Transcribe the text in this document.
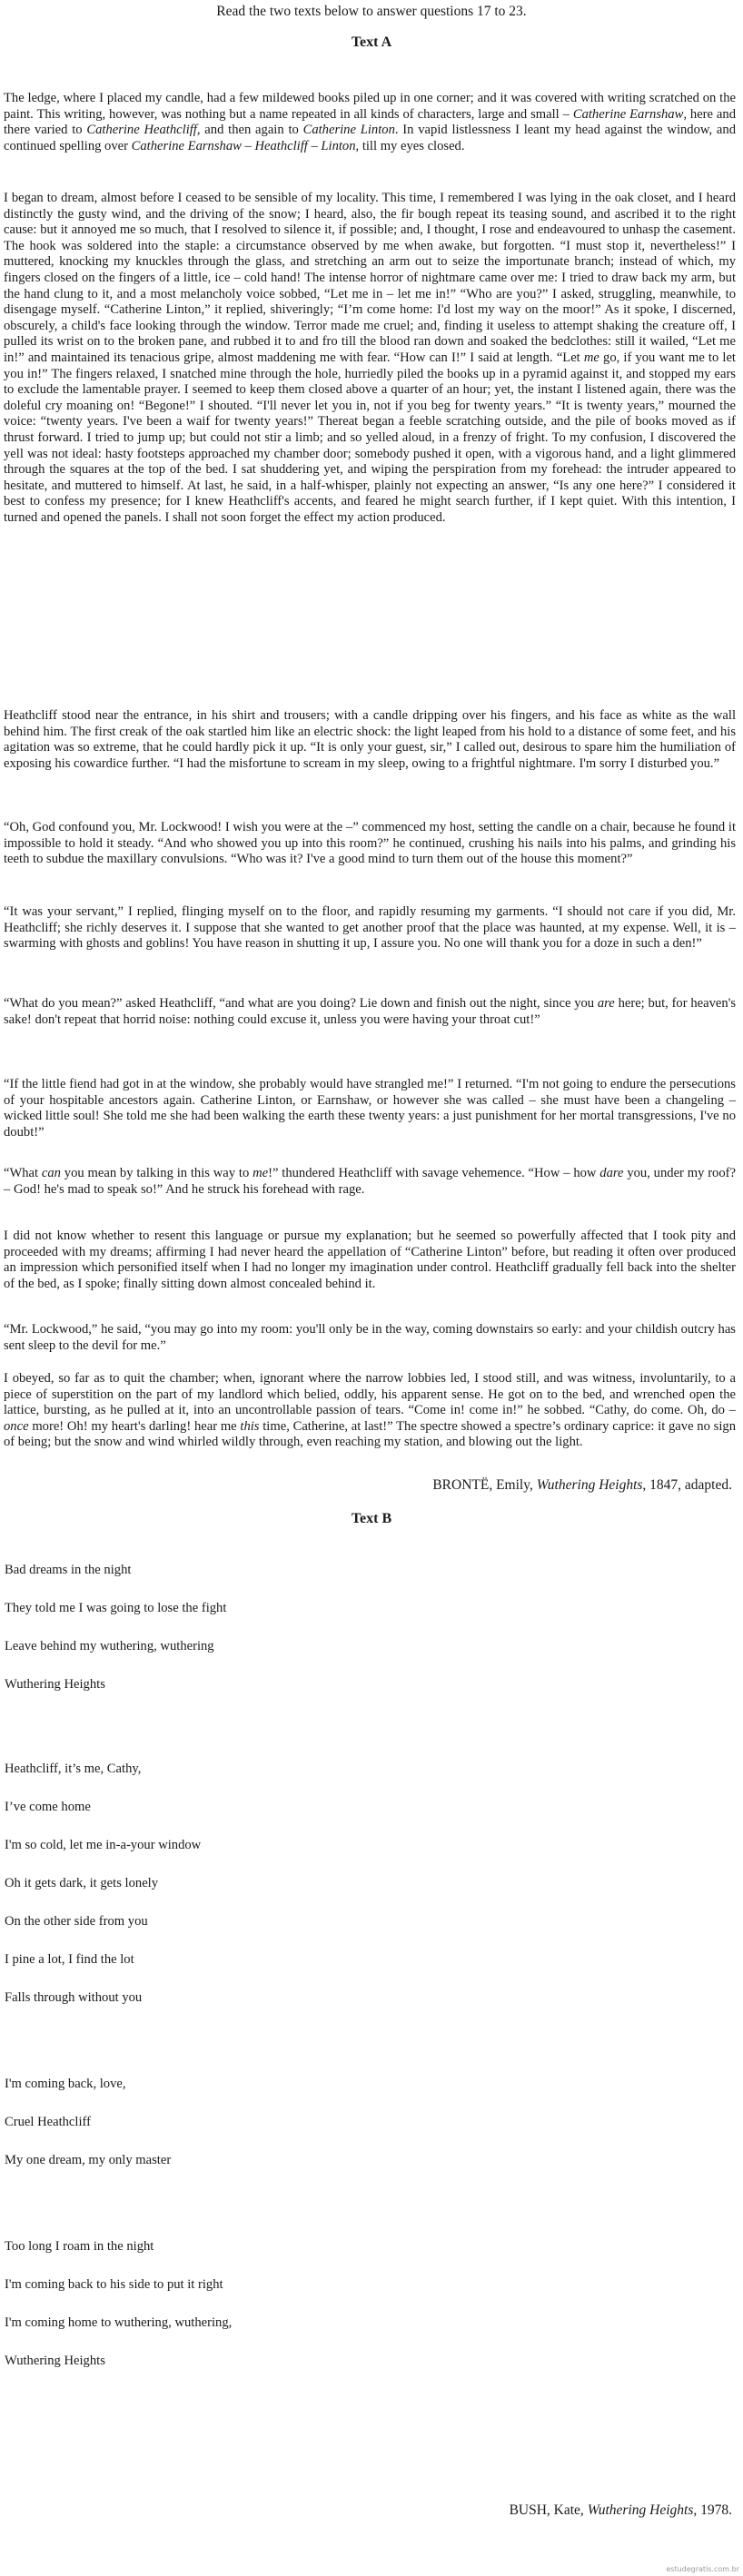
Read the two texts below to answer questions 17 to 23.

Text A

The ledge, where I placed my candle, had a few mildewed books piled up in one corner; and it was covered with writing scratched on the paint. This writing, however, was nothing but a name repeated in all kinds of characters, large and small – Catherine Earnshaw, here and there varied to Catherine Heathcliff, and then again to Catherine Linton. In vapid listlessness I leant my head against the window, and continued spelling over Catherine Earnshaw – Heathcliff – Linton, till my eyes closed.

I began to dream, almost before I ceased to be sensible of my locality. This time, I remembered I was lying in the oak closet, and I heard distinctly the gusty wind, and the driving of the snow; I heard, also, the fir bough repeat its teasing sound, and ascribed it to the right cause: but it annoyed me so much, that I resolved to silence it, if possible; and, I thought, I rose and endeavoured to unhasp the casement. The hook was soldered into the staple: a circumstance observed by me when awake, but forgotten. “I must stop it, nevertheless!” I muttered, knocking my knuckles through the glass, and stretching an arm out to seize the importunate branch; instead of which, my fingers closed on the fingers of a little, ice – cold hand! The intense horror of nightmare came over me: I tried to draw back my arm, but the hand clung to it, and a most melancholy voice sobbed, “Let me in – let me in!” “Who are you?” I asked, struggling, meanwhile, to disengage myself. “Catherine Linton,” it replied, shiveringly; “I’m come home: I'd lost my way on the moor!” As it spoke, I discerned, obscurely, a child's face looking through the window. Terror made me cruel; and, finding it useless to attempt shaking the creature off, I pulled its wrist on to the broken pane, and rubbed it to and fro till the blood ran down and soaked the bedclothes: still it wailed, “Let me in!” and maintained its tenacious gripe, almost maddening me with fear. “How can I!” I said at length. “Let me go, if you want me to let you in!” The fingers relaxed, I snatched mine through the hole, hurriedly piled the books up in a pyramid against it, and stopped my ears to exclude the lamentable prayer. I seemed to keep them closed above a quarter of an hour; yet, the instant I listened again, there was the doleful cry moaning on! “Begone!” I shouted. “I'll never let you in, not if you beg for twenty years.” “It is twenty years,” mourned the voice: “twenty years. I've been a waif for twenty years!” Thereat began a feeble scratching outside, and the pile of books moved as if thrust forward. I tried to jump up; but could not stir a limb; and so yelled aloud, in a frenzy of fright. To my confusion, I discovered the yell was not ideal: hasty footsteps approached my chamber door; somebody pushed it open, with a vigorous hand, and a light glimmered through the squares at the top of the bed. I sat shuddering yet, and wiping the perspiration from my forehead: the intruder appeared to hesitate, and muttered to himself. At last, he said, in a half-whisper, plainly not expecting an answer, “Is any one here?” I considered it best to confess my presence; for I knew Heathcliff's accents, and feared he might search further, if I kept quiet. With this intention, I turned and opened the panels. I shall not soon forget the effect my action produced.

Heathcliff stood near the entrance, in his shirt and trousers; with a candle dripping over his fingers, and his face as white as the wall behind him. The first creak of the oak startled him like an electric shock: the light leaped from his hold to a distance of some feet, and his agitation was so extreme, that he could hardly pick it up. “It is only your guest, sir,” I called out, desirous to spare him the humiliation of exposing his cowardice further. “I had the misfortune to scream in my sleep, owing to a frightful nightmare. I'm sorry I disturbed you.”

“Oh, God confound you, Mr. Lockwood! I wish you were at the –” commenced my host, setting the candle on a chair, because he found it impossible to hold it steady. “And who showed you up into this room?” he continued, crushing his nails into his palms, and grinding his teeth to subdue the maxillary convulsions. “Who was it? I've a good mind to turn them out of the house this moment?”

“It was your servant,” I replied, flinging myself on to the floor, and rapidly resuming my garments. “I should not care if you did, Mr. Heathcliff; she richly deserves it. I suppose that she wanted to get another proof that the place was haunted, at my expense. Well, it is – swarming with ghosts and goblins! You have reason in shutting it up, I assure you. No one will thank you for a doze in such a den!”

“What do you mean?” asked Heathcliff, “and what are you doing? Lie down and finish out the night, since you are here; but, for heaven's sake! don't repeat that horrid noise: nothing could excuse it, unless you were having your throat cut!”

“If the little fiend had got in at the window, she probably would have strangled me!” I returned. “I'm not going to endure the persecutions of your hospitable ancestors again. Catherine Linton, or Earnshaw, or however she was called – she must have been a changeling – wicked little soul! She told me she had been walking the earth these twenty years: a just punishment for her mortal transgressions, I've no doubt!”

“What can you mean by talking in this way to me!” thundered Heathcliff with savage vehemence. “How – how dare you, under my roof? – God! he's mad to speak so!” And he struck his forehead with rage.

I did not know whether to resent this language or pursue my explanation; but he seemed so powerfully affected that I took pity and proceeded with my dreams; affirming I had never heard the appellation of “Catherine Linton” before, but reading it often over produced an impression which personified itself when I had no longer my imagination under control. Heathcliff gradually fell back into the shelter of the bed, as I spoke; finally sitting down almost concealed behind it.

“Mr. Lockwood,” he said, “you may go into my room: you'll only be in the way, coming downstairs so early: and your childish outcry has sent sleep to the devil for me.”

I obeyed, so far as to quit the chamber; when, ignorant where the narrow lobbies led, I stood still, and was witness, involuntarily, to a piece of superstition on the part of my landlord which belied, oddly, his apparent sense. He got on to the bed, and wrenched open the lattice, bursting, as he pulled at it, into an uncontrollable passion of tears. “Come in! come in!” he sobbed. “Cathy, do come. Oh, do – once more! Oh! my heart's darling! hear me this time, Catherine, at last!” The spectre showed a spectre’s ordinary caprice: it gave no sign of being; but the snow and wind whirled wildly through, even reaching my station, and blowing out the light.

BRONTË, Emily, Wuthering Heights, 1847, adapted.

Text B

Bad dreams in the night

They told me I was going to lose the fight

Leave behind my wuthering, wuthering

Wuthering Heights

Heathcliff, it’s me, Cathy,

I’ve come home

I'm so cold, let me in-a-your window

Oh it gets dark, it gets lonely

On the other side from you

I pine a lot, I find the lot

Falls through without you

I'm coming back, love,

Cruel Heathcliff

My one dream, my only master

Too long I roam in the night

I'm coming back to his side to put it right

I'm coming home to wuthering, wuthering,

Wuthering Heights

BUSH, Kate, Wuthering Heights, 1978.

estudegratis.com.br
